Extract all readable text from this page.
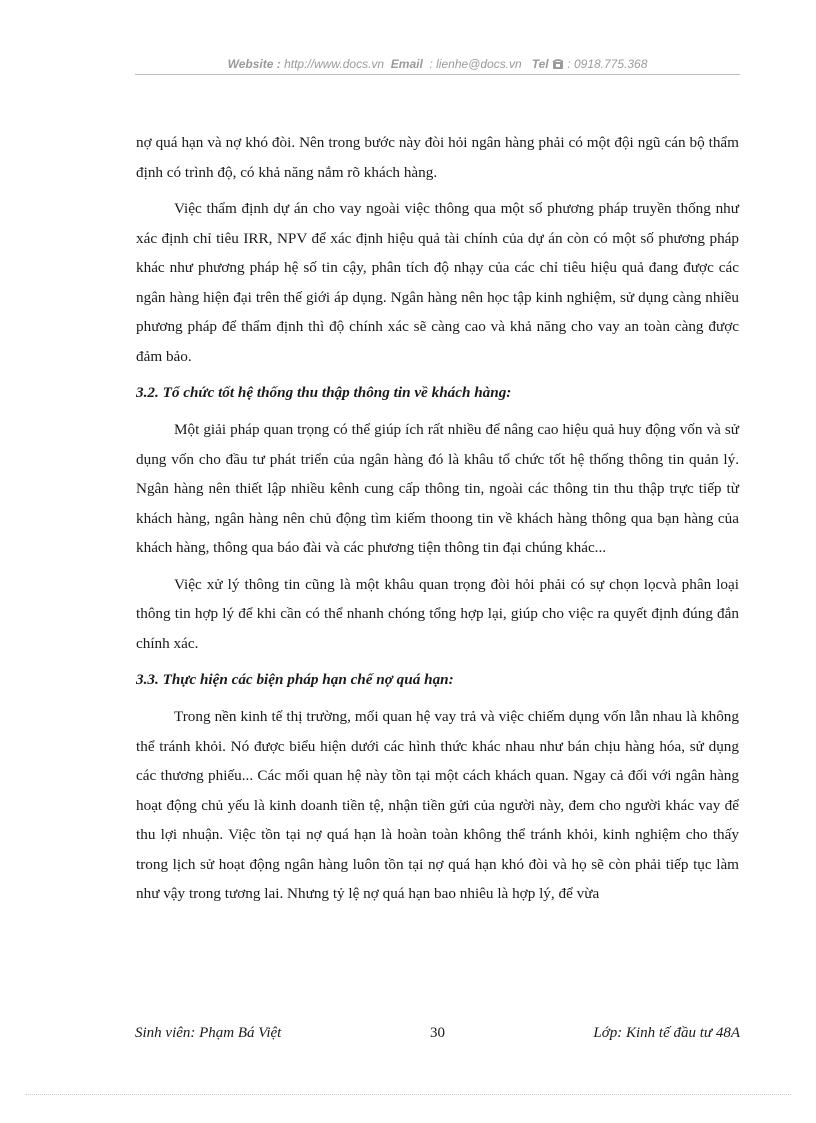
Website : http://www.docs.vn Email : lienhe@docs.vn Tel : 0918.775.368

nợ quá hạn và nợ khó đòi. Nên trong bước này đòi hỏi ngân hàng phải có một đội ngũ cán bộ thẩm định có trình độ, có khả năng nắm rõ khách hàng.

Việc thẩm định dự án cho vay ngoài việc thông qua một số phương pháp truyền thống như xác định chỉ tiêu IRR, NPV để xác định hiệu quả tài chính của dự án còn có một số phương pháp khác như phương pháp hệ số tin cậy, phân tích độ nhạy của các chỉ tiêu hiệu quả đang được các ngân hàng hiện đại trên thế giới áp dụng. Ngân hàng nên học tập kinh nghiệm, sử dụng càng nhiều phương pháp để thẩm định thì độ chính xác sẽ càng cao và khả năng cho vay an toàn càng được đảm bảo.

3.2. Tổ chức tốt hệ thống thu thập thông tin về khách hàng:

Một giải pháp quan trọng có thể giúp ích rất nhiều để nâng cao hiệu quả huy động vốn và sử dụng vốn cho đầu tư phát triển của ngân hàng đó là khâu tổ chức tốt hệ thống thông tin quản lý. Ngân hàng nên thiết lập nhiều kênh cung cấp thông tin, ngoài các thông tin thu thập trực tiếp từ khách hàng, ngân hàng nên chủ động tìm kiếm thoong tin về khách hàng thông qua bạn hàng của khách hàng, thông qua báo đài và các phương tiện thông tin đại chúng khác...

Việc xử lý thông tin cũng là một khâu quan trọng đòi hỏi phải có sự chọn lọcvà phân loại thông tin hợp lý để khi cần có thể nhanh chóng tổng hợp lại, giúp cho việc ra quyết định đúng đắn chính xác.

3.3. Thực hiện các biện pháp hạn chế nợ quá hạn:

Trong nền kinh tế thị trường, mối quan hệ vay trả và việc chiếm dụng vốn lẫn nhau là không thể tránh khỏi. Nó được biểu hiện dưới các hình thức khác nhau như bán chịu hàng hóa, sử dụng các thương phiếu... Các mối quan hệ này tồn tại một cách khách quan. Ngay cả đối với ngân hàng hoạt động chủ yếu là kinh doanh tiền tệ, nhận tiền gửi của người này, đem cho người khác vay để thu lợi nhuận. Việc tồn tại nợ quá hạn là hoàn toàn không thể tránh khỏi, kinh nghiệm cho thấy trong lịch sử hoạt động ngân hàng luôn tồn tại nợ quá hạn khó đòi và họ sẽ còn phải tiếp tục làm như vậy trong tương lai. Nhưng tỷ lệ nợ quá hạn bao nhiêu là hợp lý, để vừa

Sinh viên: Phạm Bá Việt	30	Lớp: Kinh tế đầu tư 48A
